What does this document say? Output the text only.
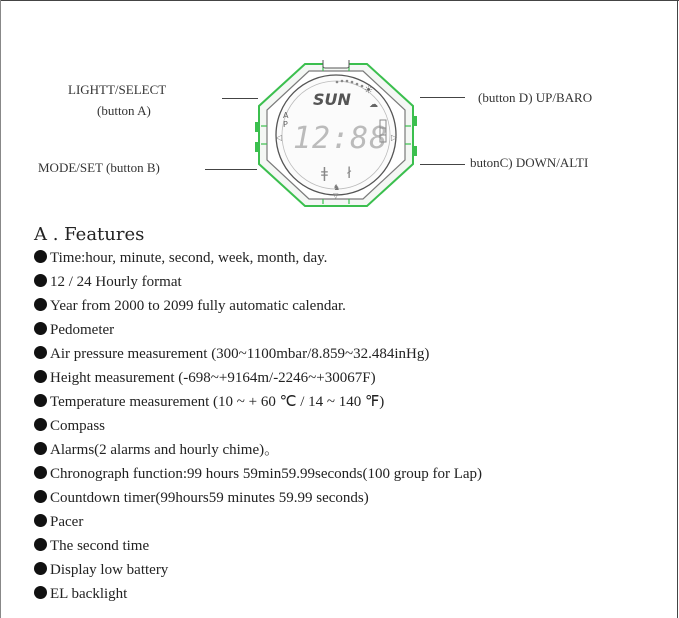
LIGHTT/SELECT
(button A)
MODE/SET (button B)
(button D) UP/BARO
butonC) DOWN/ALTI
SUN ☀
☁
A
P 12:88
◁	▷
ǂ ł
♞
▽
A . Features
Time:hour, minute, second, week, month, day.
12 / 24 Hourly format
Year from 2000 to 2099 fully automatic calendar.
Pedometer
Air pressure measurement (300~1100mbar/8.859~32.484inHg)
Height measurement (-698~+9164m/-2246~+30067F)
Temperature measurement (10 ~ + 60 ℃ / 14 ~ 140 ℉)
Compass
Alarms(2 alarms and hourly chime)。
Chronograph function:99 hours 59min59.99seconds(100 group for Lap)
Countdown timer(99hours59 minutes 59.99 seconds)
Pacer
The second time
Display low battery
EL backlight
